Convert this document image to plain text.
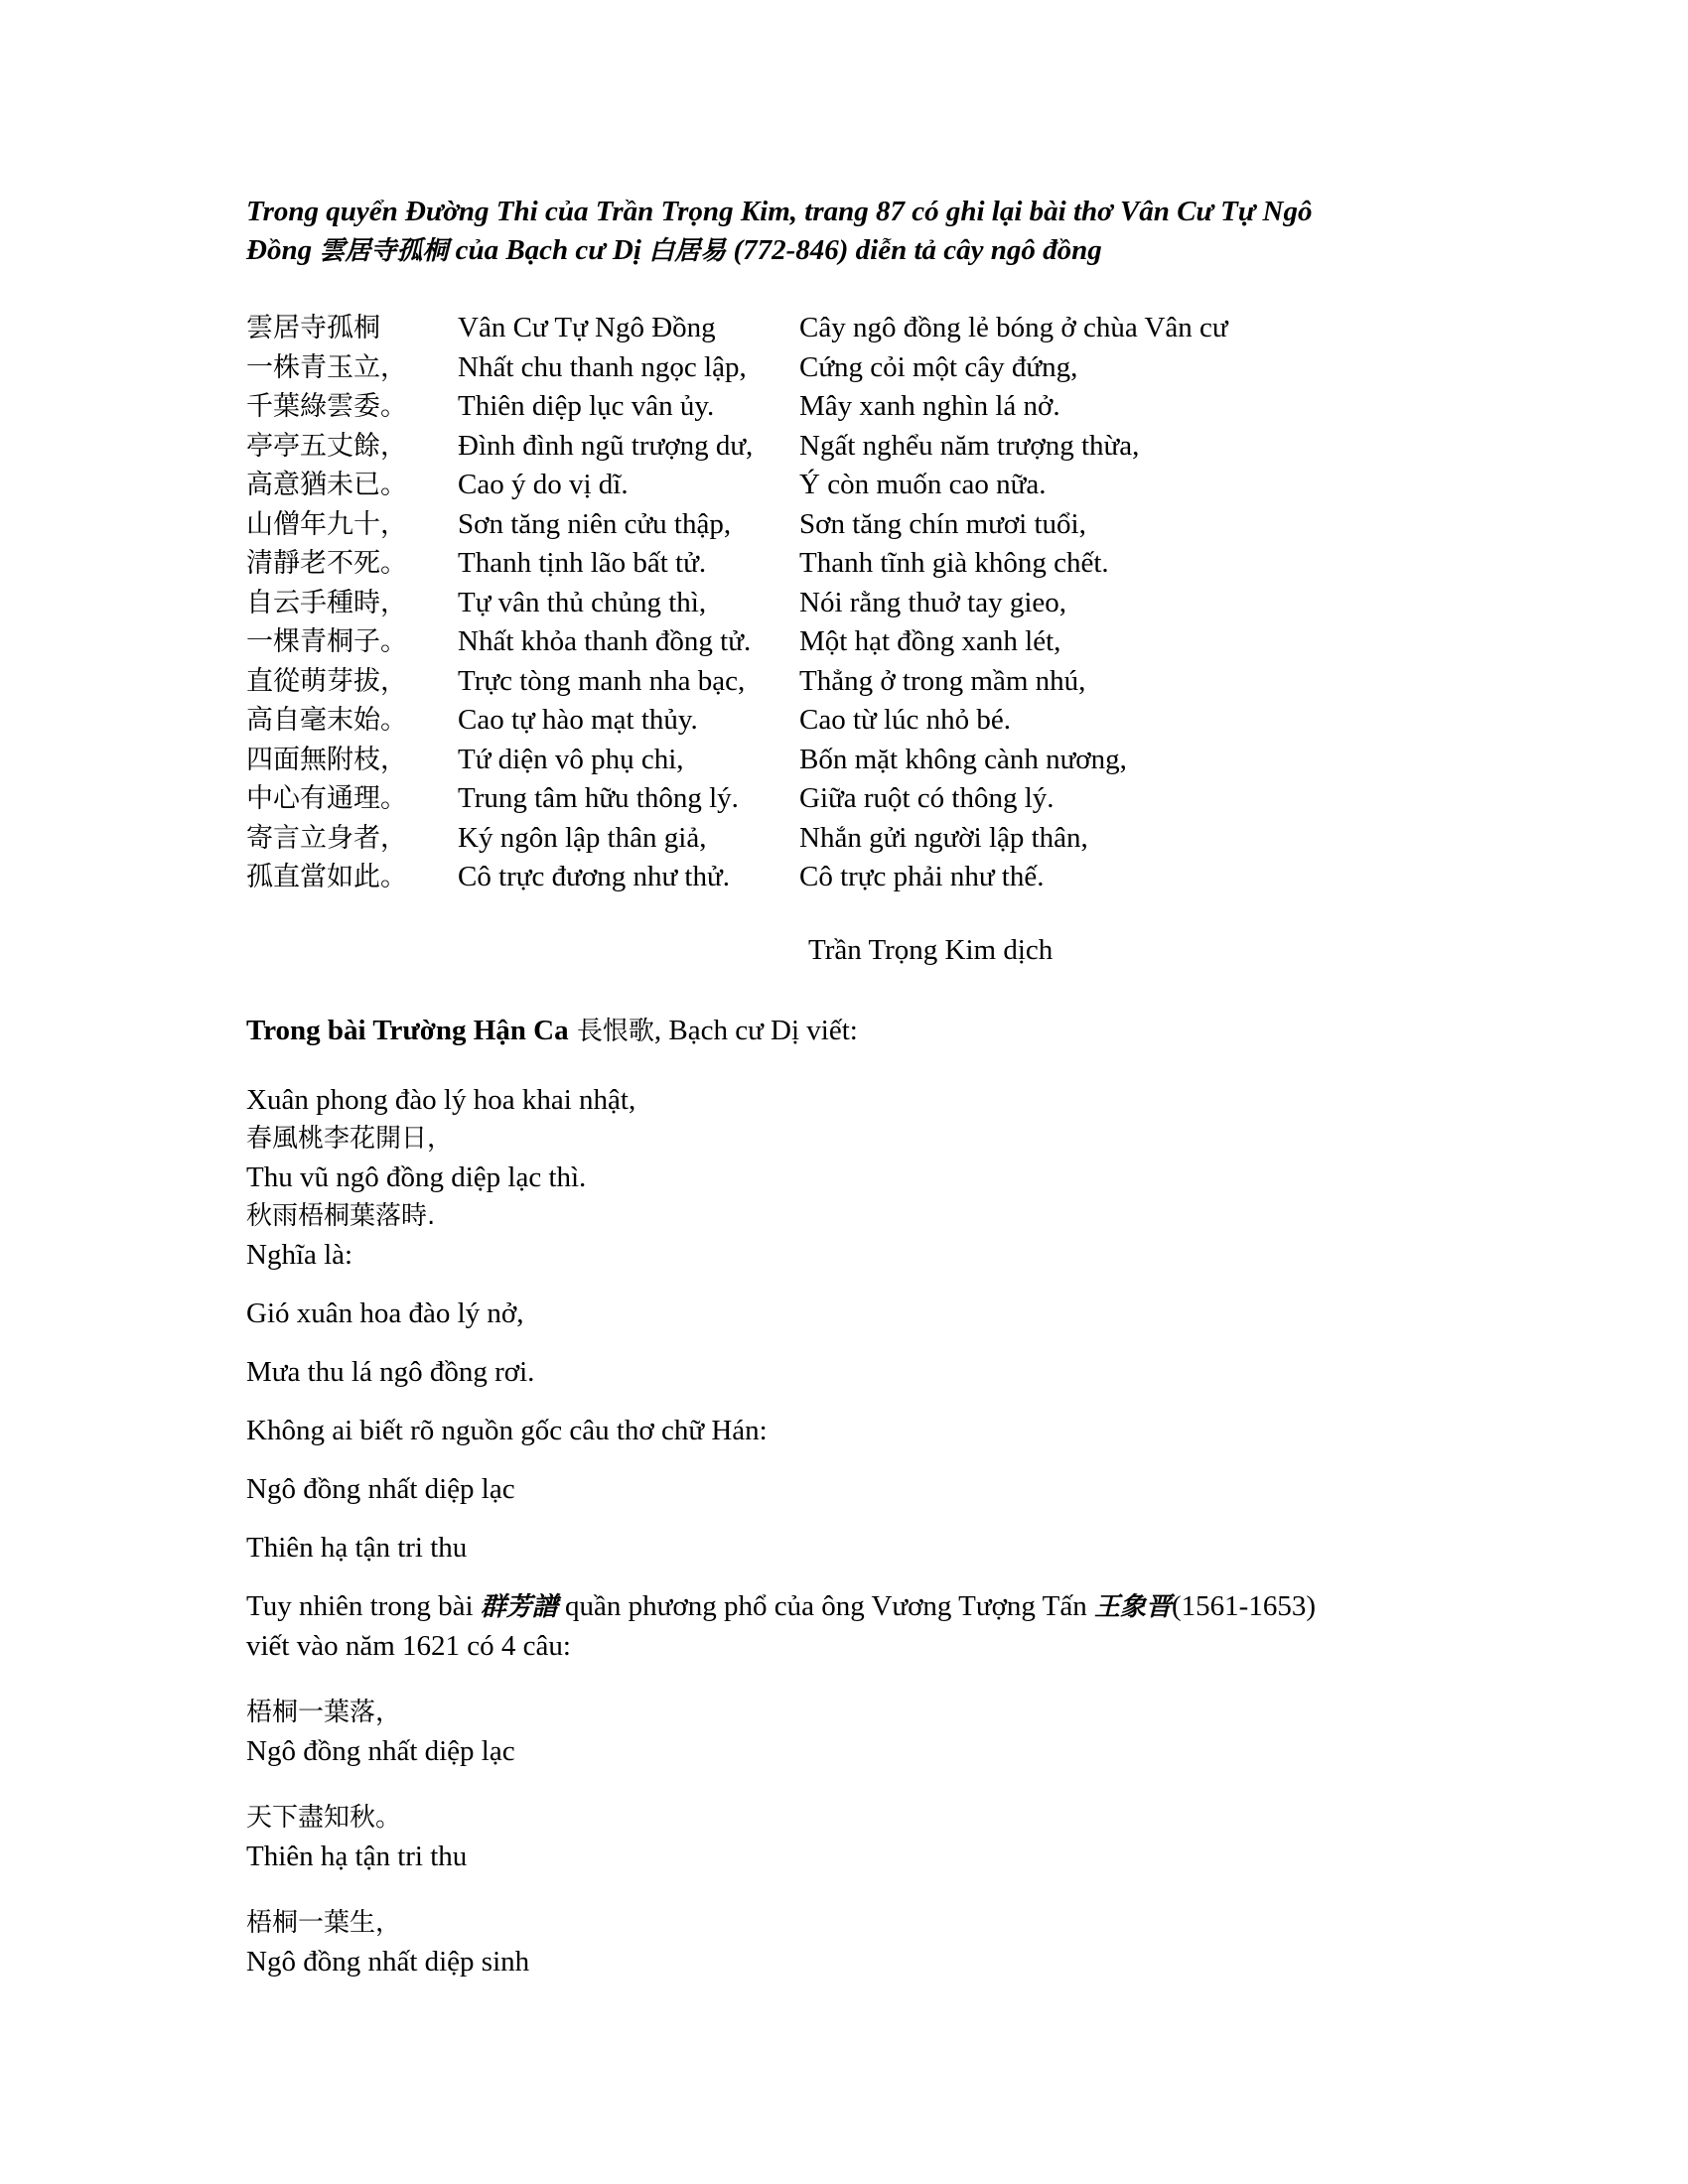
Trong quyển Đường Thi của Trần Trọng Kim, trang 87 có ghi lại bài thơ Vân Cư Tự Ngô
Đồng 雲居寺孤桐 của Bạch cư Dị 白居易 (772-846) diễn tả cây ngô đồng

雲居寺孤桐	Vân Cư Tự Ngô Đồng	Cây ngô đồng lẻ bóng ở chùa Vân cư
一株青玉立，	Nhất chu thanh ngọc lập,	Cứng cỏi một cây đứng,
千葉綠雲委。	Thiên diệp lục vân ủy.	Mây xanh nghìn lá nở.
亭亭五丈餘，	Đình đình ngũ trượng dư,	Ngất nghểu năm trượng thừa,
高意猶未已。	Cao ý do vị dĩ.	Ý còn muốn cao nữa.
山僧年九十，	Sơn tăng niên cửu thập,	Sơn tăng chín mươi tuổi,
清靜老不死。	Thanh tịnh lão bất tử.	Thanh tĩnh già không chết.
自云手種時，	Tự vân thủ chủng thì,	Nói rằng thuở tay gieo,
一棵青桐子。	Nhất khỏa thanh đồng tử.	Một hạt đồng xanh lét,
直從萌芽拔，	Trực tòng manh nha bạc,	Thẳng ở trong mầm nhú,
高自毫末始。	Cao tự hào mạt thủy.	Cao từ lúc nhỏ bé.
四面無附枝，	Tứ diện vô phụ chi,	Bốn mặt không cành nương,
中心有通理。	Trung tâm hữu thông lý.	Giữa ruột có thông lý.
寄言立身者，	Ký ngôn lập thân giả,	Nhắn gửi người lập thân,
孤直當如此。	Cô trực đương như thử.	Cô trực phải như thế.
Trần Trọng Kim dịch
Trong bài Trường Hận Ca 長恨歌, Bạch cư Dị viết:
Xuân phong đào lý hoa khai nhật,
春風桃李花開日，
Thu vũ ngô đồng diệp lạc thì.
秋雨梧桐葉落時.
Nghĩa là:
Gió xuân hoa đào lý nở,
Mưa thu lá ngô đồng rơi.
Không ai biết rõ nguồn gốc câu thơ chữ Hán:
Ngô đồng nhất diệp lạc
Thiên hạ tận tri thu
Tuy nhiên trong bài 群芳譜 quần phương phổ của ông Vương Tượng Tấn 王象晋(1561-1653)
viết vào năm 1621 có 4 câu:
梧桐一葉落，
Ngô đồng nhất diệp lạc
天下盡知秋。
Thiên hạ tận tri thu
梧桐一葉生，
Ngô đồng nhất diệp sinh
